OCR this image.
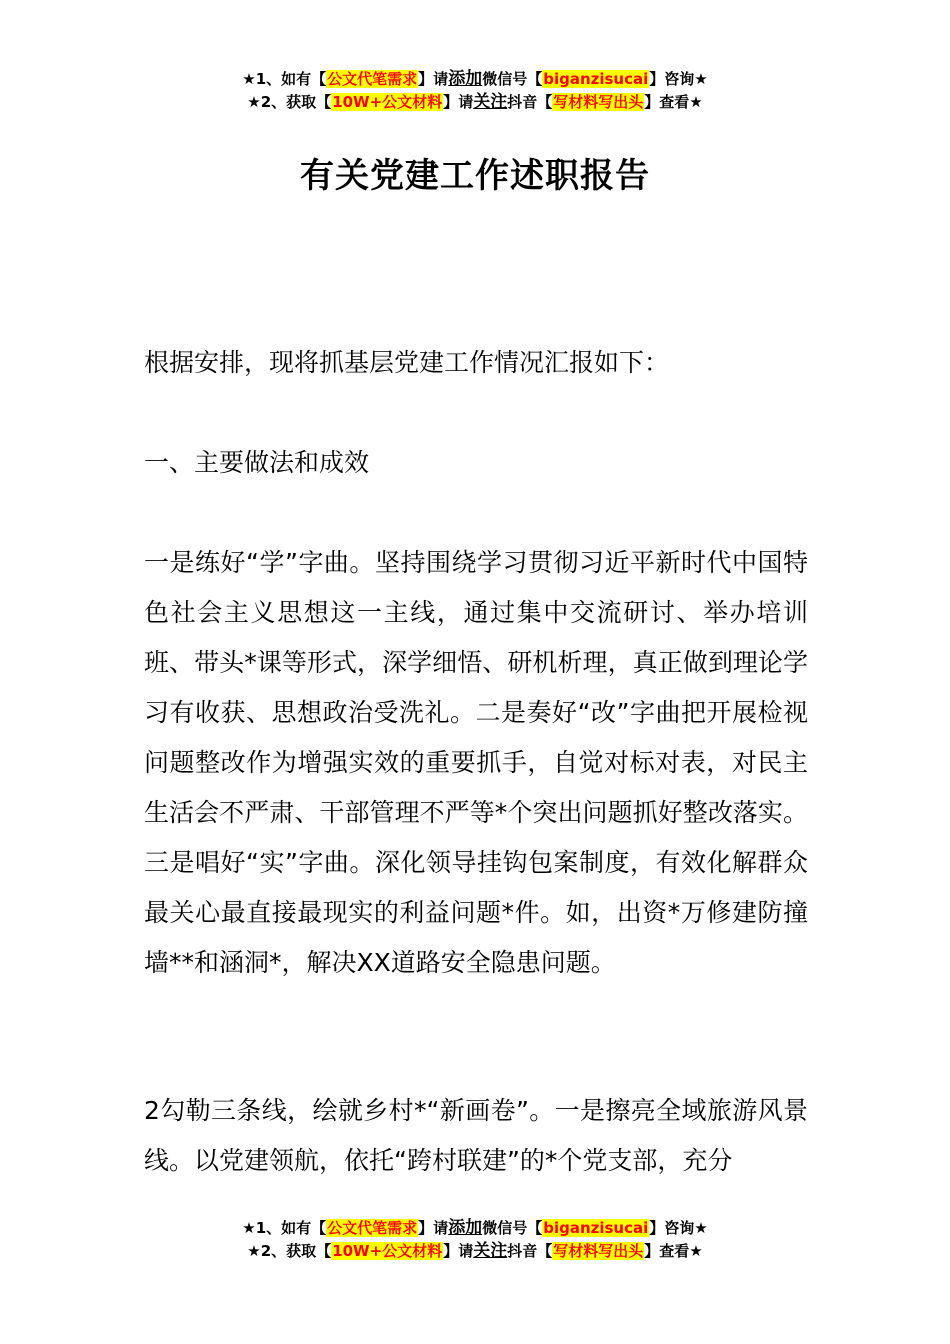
★1、如有【公文代笔需求】请添加微信号【biganzisucai】咨询★
★2、获取【10W+公文材料】请关注抖音【写材料写出头】查看★
有关党建工作述职报告

根据安排，现将抓基层党建工作情况汇报如下：

一、主要做法和成效

一是练好“学”字曲。坚持围绕学习贯彻习近平新时代中国特色社会主义思想这一主线，通过集中交流研讨、举办培训班、带头*课等形式，深学细悟、研机析理，真正做到理论学习有收获、思想政治受洗礼。二是奏好“改”字曲把开展检视问题整改作为增强实效的重要抓手，自觉对标对表，对民主生活会不严肃、干部管理不严等*个突出问题抓好整改落实。三是唱好“实”字曲。深化领导挂钩包案制度，有效化解群众最关心最直接最现实的利益问题*件。如，出资*万修建防撞墙**和涵洞*，解决XX道路安全隐患问题。

2勾勒三条线，绘就乡村*“新画卷”。一是擦亮全域旅游风景线。以党建领航，依托“跨村联建”的*个党支部，充分

★1、如有【公文代笔需求】请添加微信号【biganzisucai】咨询★
★2、获取【10W+公文材料】请关注抖音【写材料写出头】查看★
